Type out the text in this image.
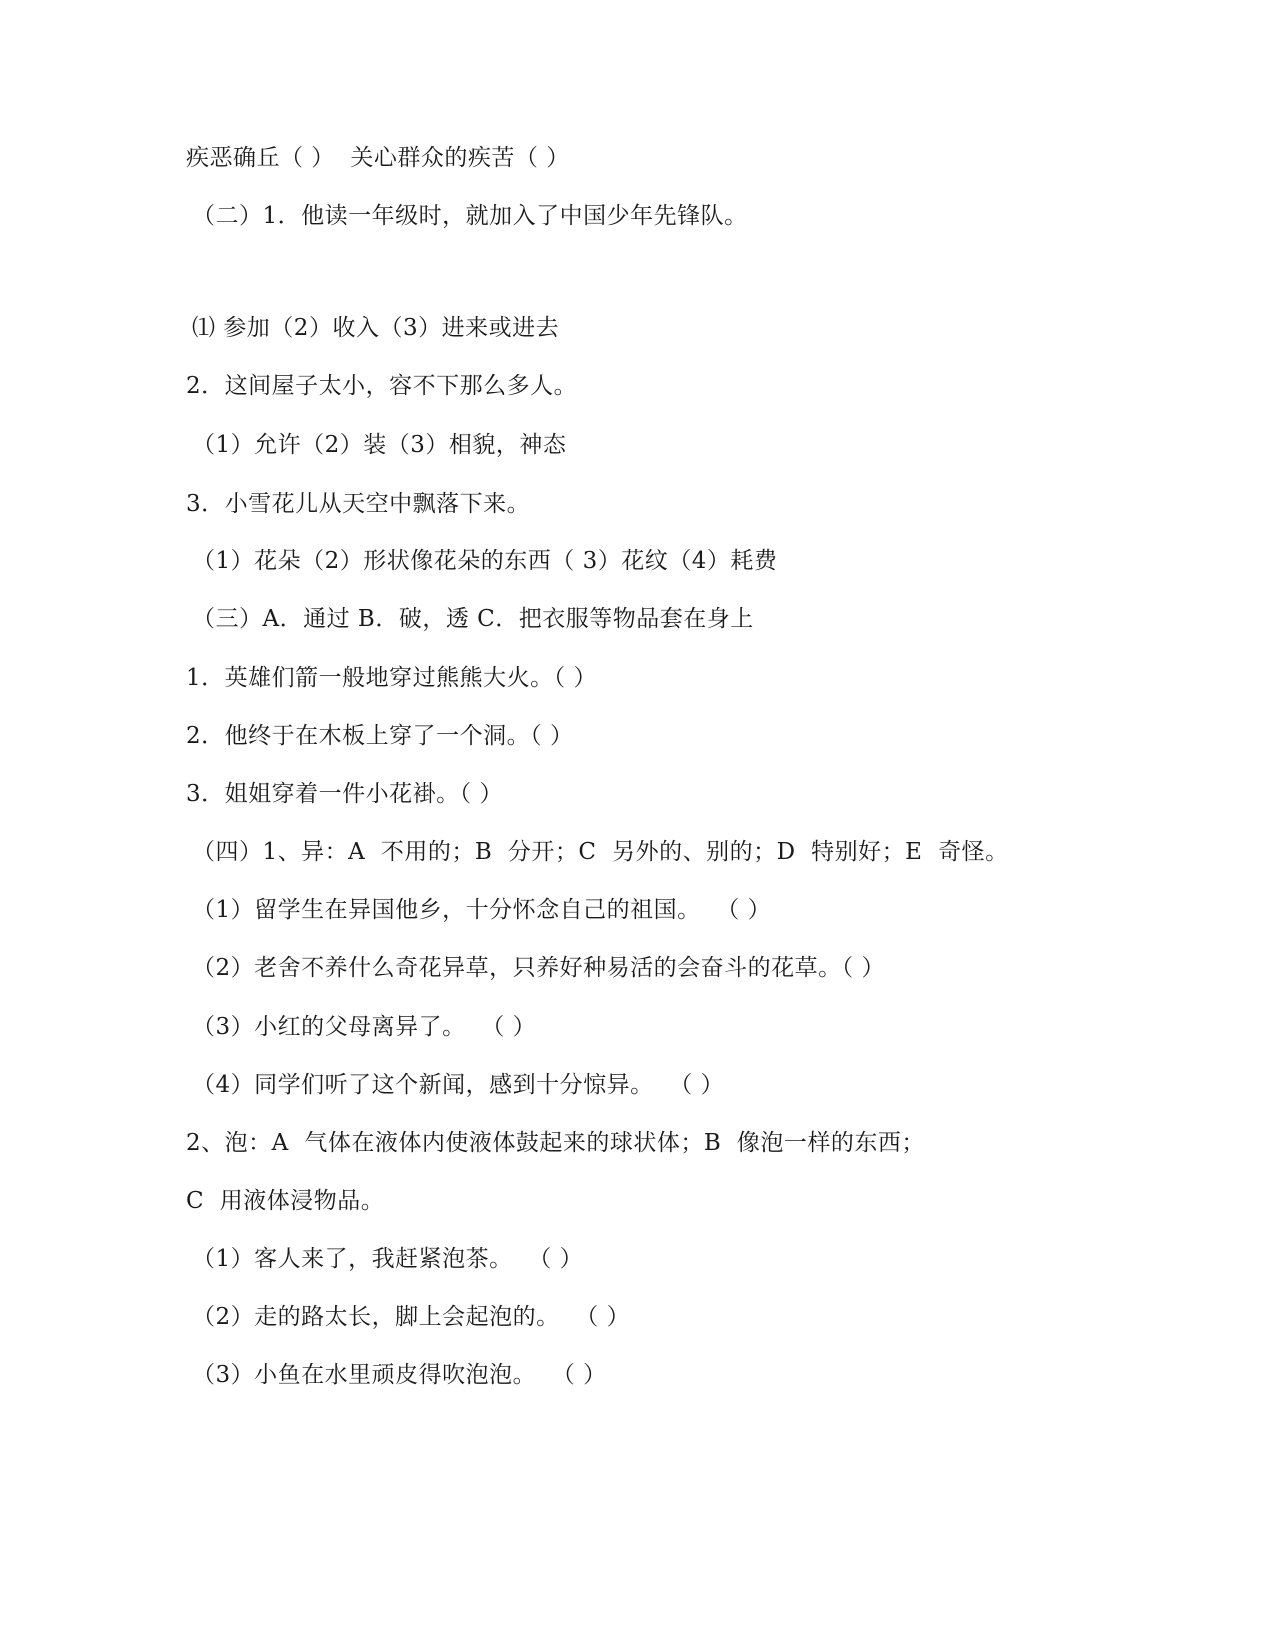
疾恶确丘（ ）  关心群众的疾苦（ ）
（二）1．他读一年级时，就加入了中国少年先锋队。
⑴ 参加（2）收入（3）进来或进去
2．这间屋子太小，容不下那么多人。
（1）允许（2）装（3）相貌，神态
3．小雪花儿从天空中飘落下来。
（1）花朵（2）形状像花朵的东西（ 3）花纹（4）耗费
（三）A．通过 B．破，透 C．把衣服等物品套在身上
1．英雄们箭一般地穿过熊熊大火。（ ）
2．他终于在木板上穿了一个洞。（ ）
3．姐姐穿着一件小花褂。（ ）
（四）1、异：A  不用的；B  分开；C  另外的、别的；D  特别好；E  奇怪。
（1）留学生在异国他乡，十分怀念自己的祖国。  （ ）
（2）老舍不养什么奇花异草，只养好种易活的会奋斗的花草。（ ）
（3）小红的父母离异了。  （ ）
（4）同学们听了这个新闻，感到十分惊异。  （ ）
2、泡：A  气体在液体内使液体鼓起来的球状体；B  像泡一样的东西；
C  用液体浸物品。
（1）客人来了，我赶紧泡茶。  （ ）
（2）走的路太长，脚上会起泡的。  （ ）
（3）小鱼在水里顽皮得吹泡泡。  （ ）
